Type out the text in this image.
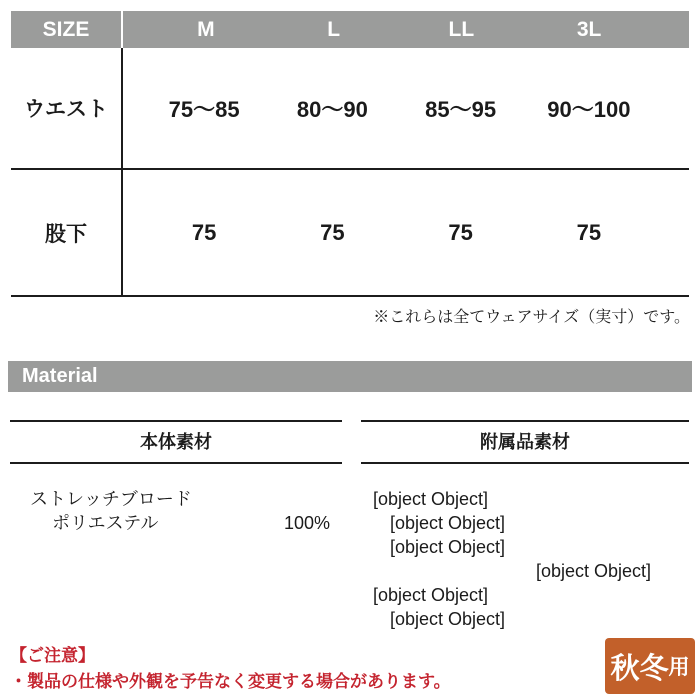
SIZE	M	L	LL	3L
ウエスト	75〜85	80〜90	85〜95	90〜100
股下	75	75	75	75
※これらは全てウェアサイズ（実寸）です。
Material
本体素材
ストレッチブロード
ポリエステル	100%
附属品素材
[object Object]
[object Object]
[object Object]
[object Object]
[object Object]
[object Object]
【ご注意】
・製品の仕様や外観を予告なく変更する場合があります。	秋冬 用
